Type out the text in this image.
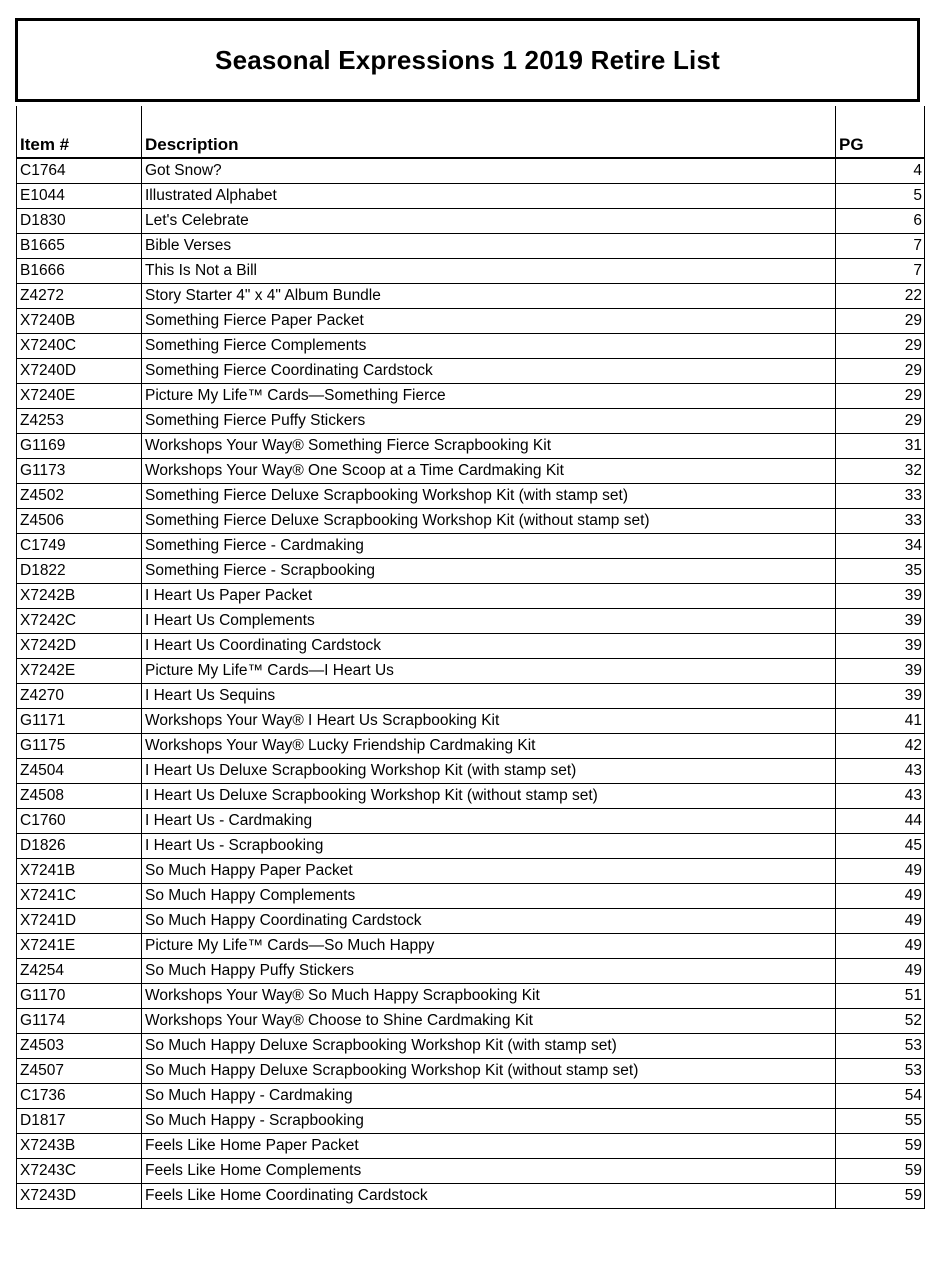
Seasonal Expressions 1 2019 Retire List
Item #	Description	PG
C1764	Got Snow?	4
E1044	Illustrated Alphabet	5
D1830	Let's Celebrate	6
B1665	Bible Verses	7
B1666	This Is Not a Bill	7
Z4272	Story Starter 4" x 4" Album Bundle	22
X7240B	Something Fierce Paper Packet	29
X7240C	Something Fierce Complements	29
X7240D	Something Fierce Coordinating Cardstock	29
X7240E	Picture My Life™ Cards—Something Fierce	29
Z4253	Something Fierce Puffy Stickers	29
G1169	Workshops Your Way® Something Fierce Scrapbooking Kit	31
G1173	Workshops Your Way® One Scoop at a Time Cardmaking Kit	32
Z4502	Something Fierce Deluxe Scrapbooking Workshop Kit (with stamp set)	33
Z4506	Something Fierce Deluxe Scrapbooking Workshop Kit (without stamp set)	33
C1749	Something Fierce - Cardmaking	34
D1822	Something Fierce - Scrapbooking	35
X7242B	I Heart Us Paper Packet	39
X7242C	I Heart Us Complements	39
X7242D	I Heart Us Coordinating Cardstock	39
X7242E	Picture My Life™ Cards—I Heart Us	39
Z4270	I Heart Us Sequins	39
G1171	Workshops Your Way® I Heart Us Scrapbooking Kit	41
G1175	Workshops Your Way® Lucky Friendship Cardmaking Kit	42
Z4504	I Heart Us Deluxe Scrapbooking Workshop Kit (with stamp set)	43
Z4508	I Heart Us Deluxe Scrapbooking Workshop Kit (without stamp set)	43
C1760	I Heart Us - Cardmaking	44
D1826	I Heart Us - Scrapbooking	45
X7241B	So Much Happy Paper Packet	49
X7241C	So Much Happy Complements	49
X7241D	So Much Happy Coordinating Cardstock	49
X7241E	Picture My Life™ Cards—So Much Happy	49
Z4254	So Much Happy Puffy Stickers	49
G1170	Workshops Your Way® So Much Happy Scrapbooking Kit	51
G1174	Workshops Your Way® Choose to Shine Cardmaking Kit	52
Z4503	So Much Happy Deluxe Scrapbooking Workshop Kit (with stamp set)	53
Z4507	So Much Happy Deluxe Scrapbooking Workshop Kit (without stamp set)	53
C1736	So Much Happy - Cardmaking	54
D1817	So Much Happy - Scrapbooking	55
X7243B	Feels Like Home Paper Packet	59
X7243C	Feels Like Home Complements	59
X7243D	Feels Like Home Coordinating Cardstock	59
